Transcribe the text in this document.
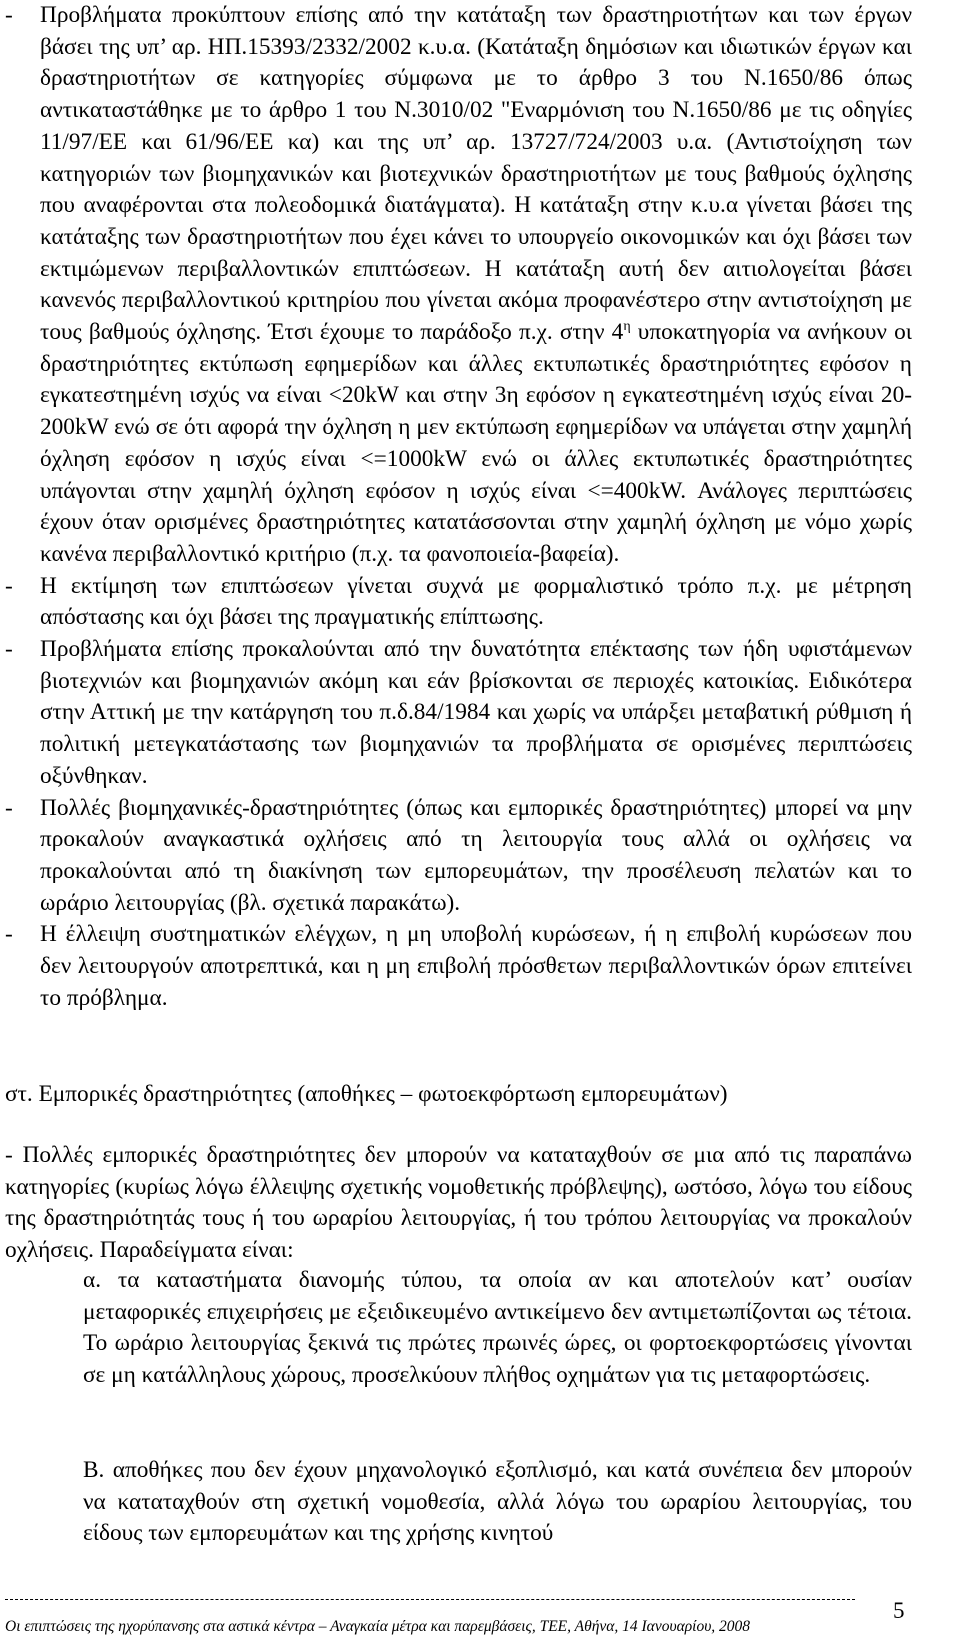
- Προβλήματα προκύπτουν επίσης από την κατάταξη των δραστηριοτήτων και των έργων βάσει της υπ’ αρ. ΗΠ.15393/2332/2002 κ.υ.α. (Κατάταξη δημόσιων και ιδιωτικών έργων και δραστηριοτήτων σε κατηγορίες σύμφωνα με το άρθρο 3 του Ν.1650/86 όπως αντικαταστάθηκε με το άρθρο 1 του Ν.3010/02 "Εναρμόνιση του Ν.1650/86 με τις οδηγίες 11/97/ΕΕ και 61/96/ΕΕ κα) και της υπ’ αρ. 13727/724/2003 υ.α. (Αντιστοίχηση των κατηγοριών των βιομηχανικών και βιοτεχνικών δραστηριοτήτων με τους βαθμούς όχλησης που αναφέρονται στα πολεοδομικά διατάγματα). Η κατάταξη στην κ.υ.α γίνεται βάσει της κατάταξης των δραστηριοτήτων που έχει κάνει το υπουργείο οικονομικών και όχι βάσει των εκτιμώμενων περιβαλλοντικών επιπτώσεων. Η κατάταξη αυτή δεν αιτιολογείται βάσει κανενός περιβαλλοντικού κριτηρίου που γίνεται ακόμα προφανέστερο στην αντιστοίχηση με τους βαθμούς όχλησης. Έτσι έχουμε το παράδοξο π.χ. στην $4^\eta$ υποκατηγορία να ανήκουν οι δραστηριότητες εκτύπωση εφημερίδων και άλλες εκτυπωτικές δραστηριότητες εφόσον η εγκατεστημένη ισχύς να είναι <20kW και στην 3η εφόσον η εγκατεστημένη ισχύς είναι 20-200kW ενώ σε ότι αφορά την όχληση η μεν εκτύπωση εφημερίδων να υπάγεται στην χαμηλή όχληση εφόσον η ισχύς είναι <=1000kW ενώ οι άλλες εκτυπωτικές δραστηριότητες υπάγονται στην χαμηλή όχληση εφόσον η ισχύς είναι <=400kW. Ανάλογες περιπτώσεις έχουν όταν ορισμένες δραστηριότητες κατατάσσονται στην χαμηλή όχληση με νόμο χωρίς κανένα περιβαλλοντικό κριτήριο (π.χ. τα φανοποιεία-βαφεία).
- Η εκτίμηση των επιπτώσεων γίνεται συχνά με φορμαλιστικό τρόπο π.χ. με μέτρηση απόστασης και όχι βάσει της πραγματικής επίπτωσης.
- Προβλήματα επίσης προκαλούνται από την δυνατότητα επέκτασης των ήδη υφιστάμενων βιοτεχνιών και βιομηχανιών ακόμη και εάν βρίσκονται σε περιοχές κατοικίας. Ειδικότερα στην Αττική με την κατάργηση του π.δ.84/1984 και χωρίς να υπάρξει μεταβατική ρύθμιση ή πολιτική μετεγκατάστασης των βιομηχανιών τα προβλήματα σε ορισμένες περιπτώσεις οξύνθηκαν.
- Πολλές βιομηχανικές-δραστηριότητες (όπως και εμπορικές δραστηριότητες) μπορεί να μην προκαλούν αναγκαστικά οχλήσεις από τη λειτουργία τους αλλά οι οχλήσεις να προκαλούνται από τη διακίνηση των εμπορευμάτων, την προσέλευση πελατών και το ωράριο λειτουργίας (βλ. σχετικά παρακάτω).
- Η έλλειψη συστηματικών ελέγχων, η μη υποβολή κυρώσεων, ή η επιβολή κυρώσεων που δεν λειτουργούν αποτρεπτικά, και η μη επιβολή πρόσθετων περιβαλλοντικών όρων επιτείνει το πρόβλημα.

στ. Εμπορικές δραστηριότητες (αποθήκες – φωτοεκφόρτωση εμπορευμάτων)

- Πολλές εμπορικές δραστηριότητες δεν μπορούν να καταταχθούν σε μια από τις παραπάνω κατηγορίες (κυρίως λόγω έλλειψης σχετικής νομοθετικής πρόβλεψης), ωστόσο, λόγω του είδους της δραστηριότητάς τους ή του ωραρίου λειτουργίας, ή του τρόπου λειτουργίας να προκαλούν οχλήσεις. Παραδείγματα είναι:

α. τα καταστήματα διανομής τύπου, τα οποία αν και αποτελούν κατ’ ουσίαν μεταφορικές επιχειρήσεις με εξειδικευμένο αντικείμενο δεν αντιμετωπίζονται ως τέτοια. Το ωράριο λειτουργίας ξεκινά τις πρώτες πρωινές ώρες, οι φορτοεκφορτώσεις γίνονται σε μη κατάλληλους χώρους, προσελκύουν πλήθος οχημάτων για τις μεταφορτώσεις.

Β. αποθήκες που δεν έχουν μηχανολογικό εξοπλισμό, και κατά συνέπεια δεν μπορούν να καταταχθούν στη σχετική νομοθεσία, αλλά λόγω του ωραρίου λειτουργίας, του είδους των εμπορευμάτων και της χρήσης κινητού

Οι επιπτώσεις της ηχορύπανσης στα αστικά κέντρα – Αναγκαία μέτρα και παρεμβάσεις, ΤΕΕ, Αθήνα, 14 Ιανουαρίου, 2008
5
